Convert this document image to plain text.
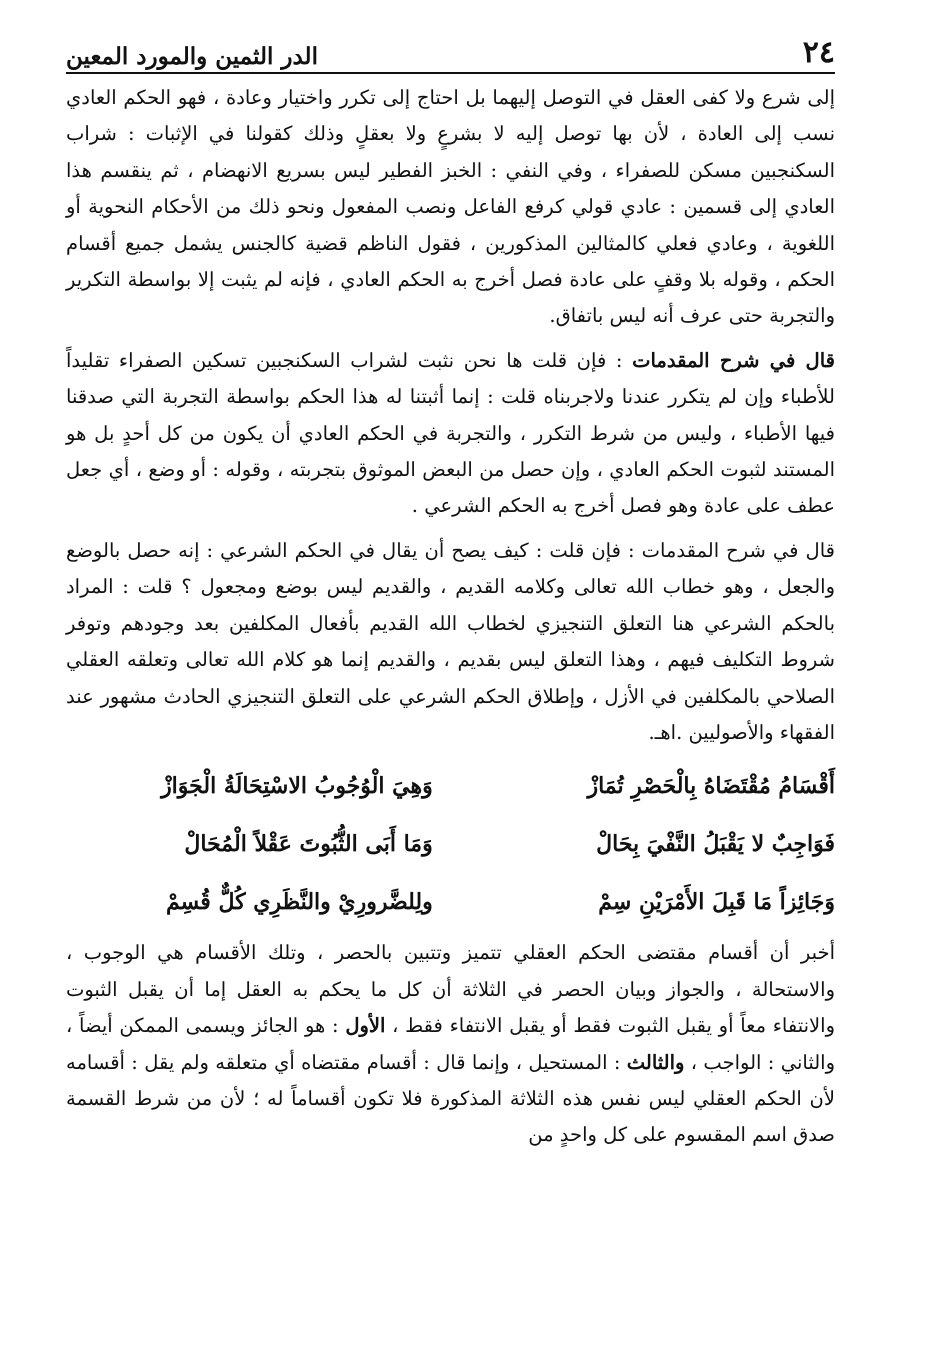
٢٤
الدر الثمين والمورد المعين

إلى شرع ولا كفى العقل في التوصل إليهما بل احتاج إلى تكرر واختيار وعادة ، فهو الحكم العادي نسب إلى العادة ، لأن بها توصل إليه لا بشرعٍ ولا بعقلٍ وذلك كقولنا في الإثبات : شراب السكنجبين مسكن للصفراء ، وفي النفي : الخبز الفطير ليس بسريع الانهضام ، ثم ينقسم هذا العادي إلى قسمين : عادي قولي كرفع الفاعل ونصب المفعول ونحو ذلك من الأحكام النحوية أو اللغوية ، وعادي فعلي كالمثالين المذكورين ، فقول الناظم قضية كالجنس يشمل جميع أقسام الحكم ، وقوله بلا وقفٍ على عادة فصل أخرج به الحكم العادي ، فإنه لم يثبت إلا بواسطة التكرير والتجربة حتى عرف أنه ليس باتفاق.

قال في شرح المقدمات : فإن قلت ها نحن نثبت لشراب السكنجبين تسكين الصفراء تقليداً للأطباء وإن لم يتكرر عندنا ولاجربناه قلت : إنما أثبتنا له هذا الحكم بواسطة التجربة التي صدقنا فيها الأطباء ، وليس من شرط التكرر ، والتجربة في الحكم العادي أن يكون من كل أحدٍ بل هو المستند لثبوت الحكم العادي ، وإن حصل من البعض الموثوق بتجربته ، وقوله : أو وضع ، أي جعل عطف على عادة وهو فصل أخرج به الحكم الشرعي .

قال في شرح المقدمات : فإن قلت : كيف يصح أن يقال في الحكم الشرعي : إنه حصل بالوضع والجعل ، وهو خطاب الله تعالى وكلامه القديم ، والقديم ليس بوضع ومجعول ؟ قلت : المراد بالحكم الشرعي هنا التعلق التنجيزي لخطاب الله القديم بأفعال المكلفين بعد وجودهم وتوفر شروط التكليف فيهم ، وهذا التعلق ليس بقديم ، والقديم إنما هو كلام الله تعالى وتعلقه العقلي الصلاحي بالمكلفين في الأزل ، وإطلاق الحكم الشرعي على التعلق التنجيزي الحادث مشهور عند الفقهاء والأصوليين .اهـ.

أَقْسَامُ مُقْتَضَاهُ بِالْحَصْرِ تُمَازْ
وَهِيَ الْوُجُوبُ الاسْتِحَالَةُ الْجَوَازْ
فَوَاجِبٌ لا يَقْبَلُ النَّفْيَ بِحَالْ
وَمَا أَبَى الثُّبُوتَ عَقْلاً الْمُحَالْ
وَجَائِزاً مَا قَبِلَ الأَمْرَيْنِ سِمْ
ولِلضَّرورِيْ والنَّظَرِي كُلٌّ قُسِمْ

أخبر أن أقسام مقتضى الحكم العقلي تتميز وتتبين بالحصر ، وتلك الأقسام هي الوجوب ، والاستحالة ، والجواز وبيان الحصر في الثلاثة أن كل ما يحكم به العقل إما أن يقبل الثبوت والانتفاء معاً أو يقبل الثبوت فقط أو يقبل الانتفاء فقط ، الأول : هو الجائز ويسمى الممكن أيضاً ، والثاني : الواجب ، والثالث : المستحيل ، وإنما قال : أقسام مقتضاه أي متعلقه ولم يقل : أقسامه لأن الحكم العقلي ليس نفس هذه الثلاثة المذكورة فلا تكون أقساماً له ؛ لأن من شرط القسمة صدق اسم المقسوم على كل واحدٍ من
